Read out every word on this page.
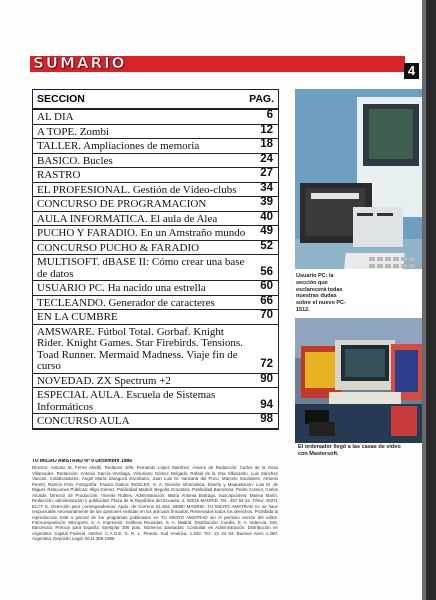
SUMARIO	4
SECCION	PAG.
AL DIA	6
A TOPE. Zombi	12
TALLER. Ampliaciones de memoria	18
BASICO. Bucles	24
RASTRO	27
EL PROFESIONAL. Gestión de Vídeo-clubs	34
CONCURSO DE PROGRAMACION	39
AULA INFORMATICA. El aula de Alea	40
PUCHO Y FARADIO. En un Amstraño mundo	49
CONCURSO PUCHO & FARADIO	52
MULTISOFT. dBASE II: Cómo crear una base de datos	56
USUARIO PC. Ha nacido una estrella	60
TECLEANDO. Generador de caracteres	66
EN LA CUMBRE	70
AMSWARE. Fútbol Total. Gorbaf. Knight Rider. Knight Games. Star Firebirds. Tensions. Toad Runner. Mermaid Madness. Viaje fin de curso	72
NOVEDAD. ZX Spectrum +2	90
ESPECIAL AULA. Escuela de Sistemas Informáticos	94
CONCURSO AULA	98
TU MICRO AMSTRAD Nº 9 Diciembre 1986
Director: Antonio M. Ferrer Abelló. Redactor Jefe: Fernando López Martínez. Asesor de Redacción: Carlos de la Ossa Villamudes. Redacción: Antonio García Verdiaga, Victoriano Gómez Delgado, Rafael de la Osa Villacastín, Luis Sánchez Vaccari. Colaboradores: Ángel María Zaragoza Escribano, Juan Luis M. Vanzana del Pozo, Marcelo Iracolanes, Antonio Peretti, Ramón Polo. Fotografía: Fausto Galicia INGELEK, S. A. División Informática. Diseño y Maquetación: Luis M. de Miguel. Relaciones Públicas: Iñigo Gómez. Publicidad Madrid: Begoña Gorostiza. Publicidad Barcelona: Pedro Comes, Carlos Alcalde. Director de Producción: Vicente Robles. Administración: María Antonia Buitrago. Suscripciones: Marisa Marín. Redacción, administración y publicidad: Plaza de la República del Ecuador, 2, 28016 MADRID. Tel.: 457 94 24. Télex: 49371 ELCT E. Dirección para correspondencia: Apdo. de Correos 61.294, 28080 MADRID. TU MICRO AMSTRAD no se hace responsable necesariamente de las opiniones vertidas en los artículos firmados. Reservados todos los derechos. Prohibida la reproducción total o parcial de los programas publicados en TU MICRO AMSTRAD sin el permiso escrito del editor. Fotocomposición: Microprint, S. A. Impresión: Gráficas Reunidas, S. A. Madrid. Distribución: Coedis, S. A. Valencia, 245, Barcelona. Precios para España: Ejemplar 300 ptas. Números atrasados: Consultar en Administración. Distribución en Argentina: Capital Federal, Interior. C.A.O.E. S. R. L. Pinedo, Sud América, 1.532. Tel.: 21 24 64. Buenos Aires 1.290. Argentina. Depósito Legal: M-11.359-1986.
Usuario PC: la sección que esclarecerá todas nuestras dudas sobre el nuevo PC-1512.
El ordenador llegó a las casas de vídeo con Mastersoft.
